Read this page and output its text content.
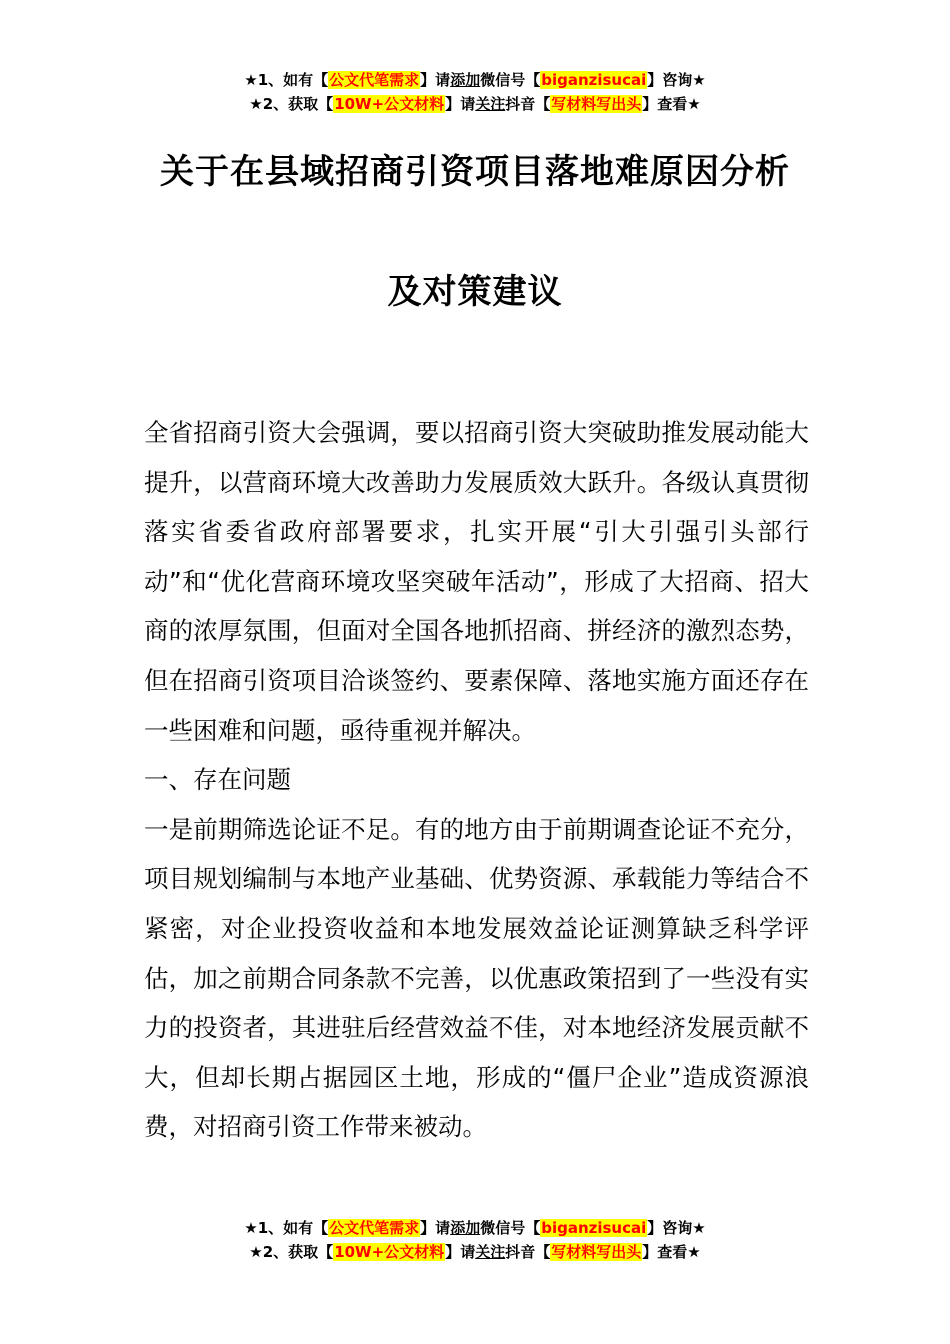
★1、如有【公文代笔需求】请添加微信号【biganzisucai】咨询★
★2、获取【10W+公文材料】请关注抖音【写材料写出头】查看★
关于在县域招商引资项目落地难原因分析
及对策建议

全省招商引资大会强调，要以招商引资大突破助推发展动能大提升，以营商环境大改善助力发展质效大跃升。各级认真贯彻落实省委省政府部署要求，扎实开展“引大引强引头部行动”和“优化营商环境攻坚突破年活动”，形成了大招商、招大商的浓厚氛围，但面对全国各地抓招商、拼经济的激烈态势，但在招商引资项目洽谈签约、要素保障、落地实施方面还存在一些困难和问题，亟待重视并解决。

一、存在问题

一是前期筛选论证不足。有的地方由于前期调查论证不充分，项目规划编制与本地产业基础、优势资源、承载能力等结合不紧密，对企业投资收益和本地发展效益论证测算缺乏科学评估，加之前期合同条款不完善，以优惠政策招到了一些没有实力的投资者，其进驻后经营效益不佳，对本地经济发展贡献不大，但却长期占据园区土地，形成的“僵尸企业”造成资源浪费，对招商引资工作带来被动。

★1、如有【公文代笔需求】请添加微信号【biganzisucai】咨询★
★2、获取【10W+公文材料】请关注抖音【写材料写出头】查看★
